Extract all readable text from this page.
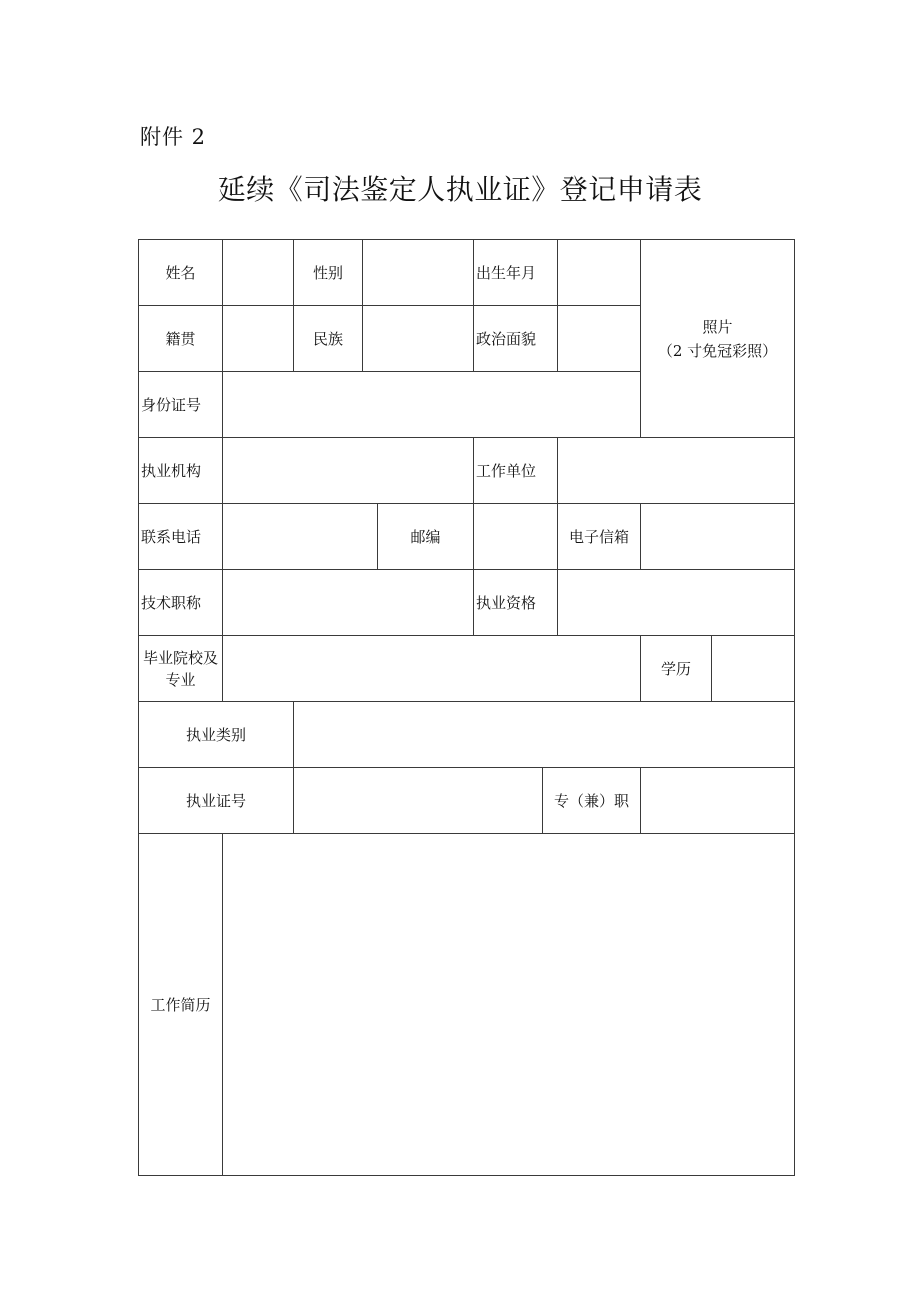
附件 2
延续《司法鉴定人执业证》登记申请表
姓名		性别			出生年月			照片
（2 寸免冠彩照）	

籍贯		民族			政治面貌				
身份证号									
执业机构					工作单位				
联系电话				邮编			电子信箱		
技术职称					执业资格				

毕业院校及
专业								学历	
执业类别									
执业证号						专（兼）职			
工作简历									
